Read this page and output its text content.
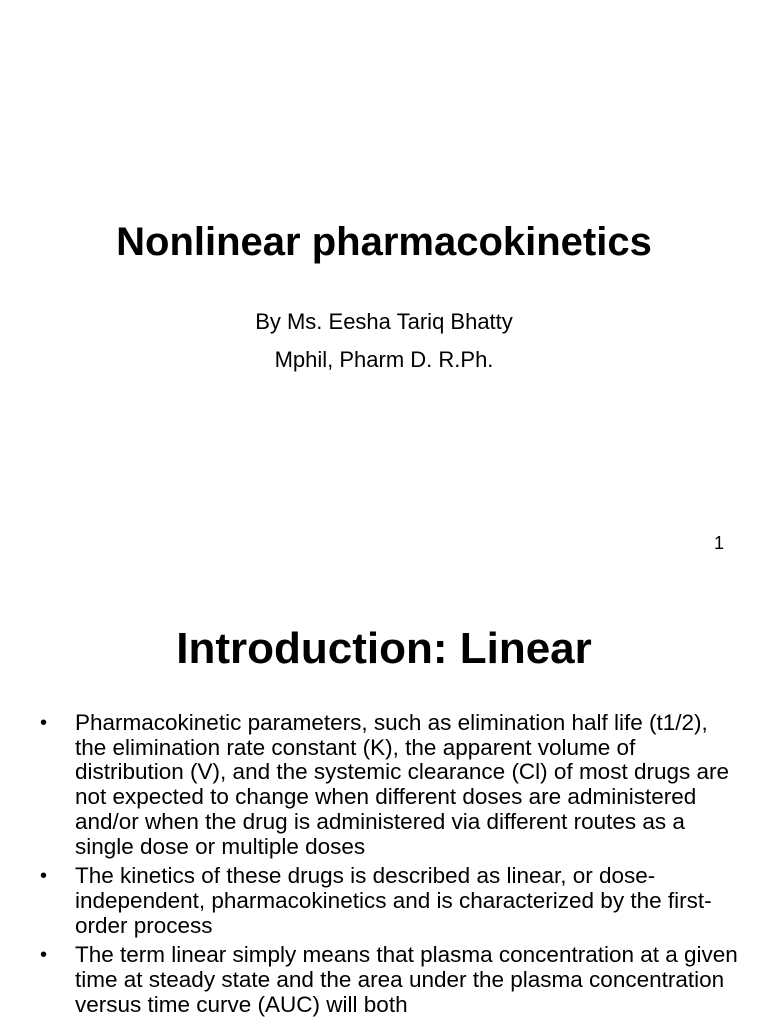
Nonlinear pharmacokinetics

By Ms. Eesha Tariq Bhatty

Mphil, Pharm D. R.Ph.

1
Introduction: Linear
• Pharmacokinetic parameters, such as elimination half life (t1/2), the elimination rate constant (K), the apparent volume of distribution (V), and the systemic clearance (Cl) of most drugs are not expected to change when different doses are administered and/or when the drug is administered via different routes as a single dose or multiple doses
• The kinetics of these drugs is described as linear, or dose-independent, pharmacokinetics and is characterized by the first-order process
• The term linear simply means that plasma concentration at a given time at steady state and the area under the plasma concentration versus time curve (AUC) will both
